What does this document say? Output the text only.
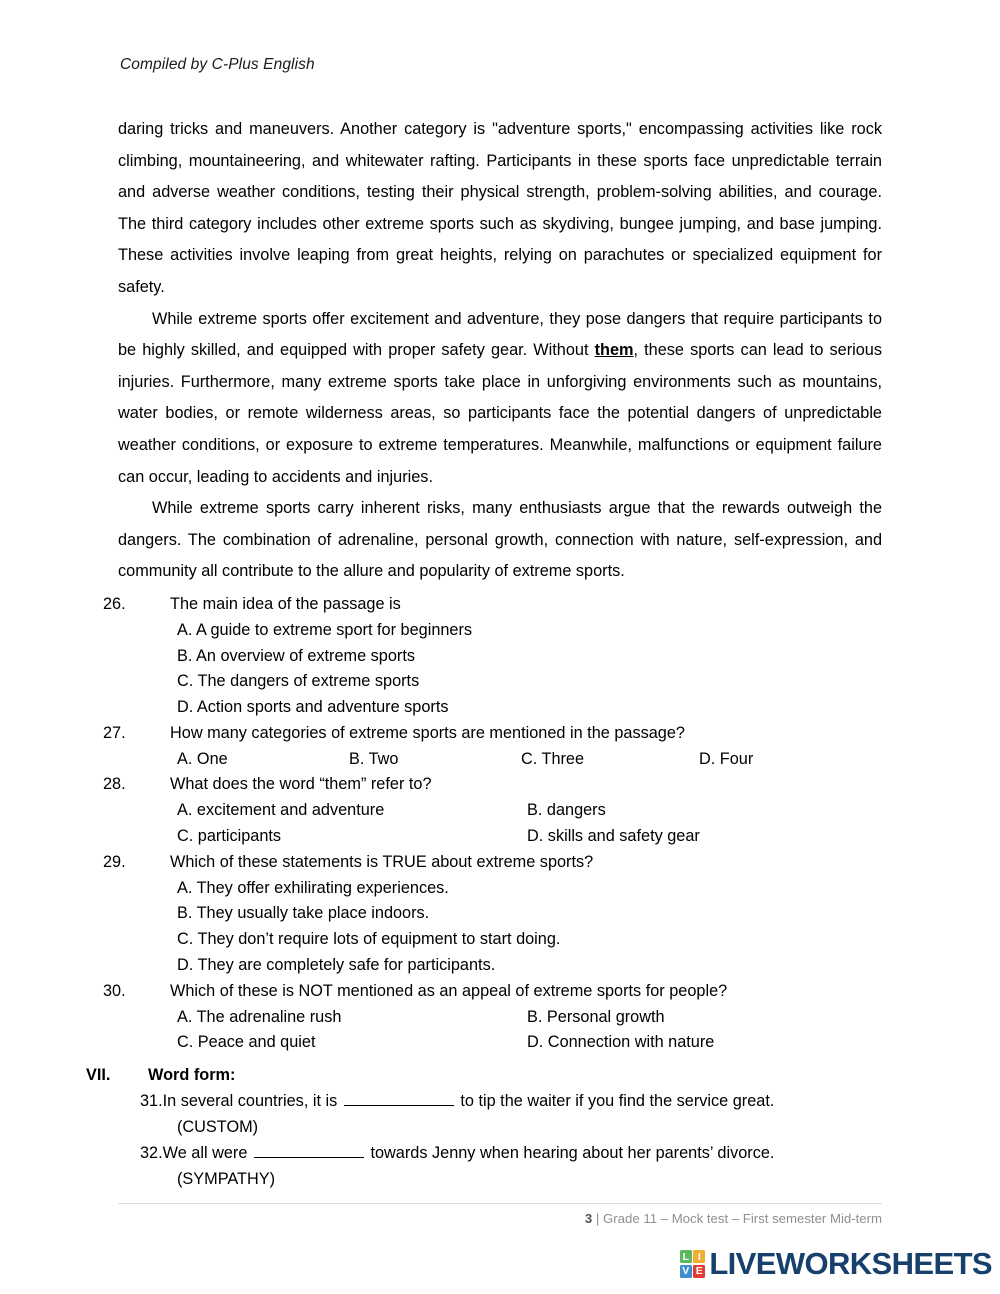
Compiled by C-Plus English

daring tricks and maneuvers. Another category is "adventure sports," encompassing activities like rock climbing, mountaineering, and whitewater rafting. Participants in these sports face unpredictable terrain and adverse weather conditions, testing their physical strength, problem-solving abilities, and courage. The third category includes other extreme sports such as skydiving, bungee jumping, and base jumping. These activities involve leaping from great heights, relying on parachutes or specialized equipment for safety.

While extreme sports offer excitement and adventure, they pose dangers that require participants to be highly skilled, and equipped with proper safety gear. Without them, these sports can lead to serious injuries. Furthermore, many extreme sports take place in unforgiving environments such as mountains, water bodies, or remote wilderness areas, so participants face the potential dangers of unpredictable weather conditions, or exposure to extreme temperatures. Meanwhile, malfunctions or equipment failure can occur, leading to accidents and injuries.

While extreme sports carry inherent risks, many enthusiasts argue that the rewards outweigh the dangers. The combination of adrenaline, personal growth, connection with nature, self-expression, and community all contribute to the allure and popularity of extreme sports.

26.	The main idea of the passage is
A. A guide to extreme sport for beginners
B. An overview of extreme sports
C. The dangers of extreme sports
D. Action sports and adventure sports
27.	How many categories of extreme sports are mentioned in the passage?
A. One	B. Two	C. Three	D. Four
28.	What does the word “them” refer to?
A. excitement and adventure	B. dangers
C. participants	D. skills and safety gear
29.	Which of these statements is TRUE about extreme sports?
A. They offer exhilirating experiences.
B. They usually take place indoors.
C. They don’t require lots of equipment to start doing.
D. They are completely safe for participants.
30.	Which of these is NOT mentioned as an appeal of extreme sports for people?
A. The adrenaline rush	B. Personal growth
C. Peace and quiet	D. Connection with nature
VII.	Word form:
31.In several countries, it is	to tip the waiter if you find the service great.
(CUSTOM)
32.We all were	towards Jenny when hearing about her parents’ divorce.
(SYMPATHY)
3 | Grade 11 – Mock test – First semester Mid-term
L I
V E LIVEWORKSHEETS
